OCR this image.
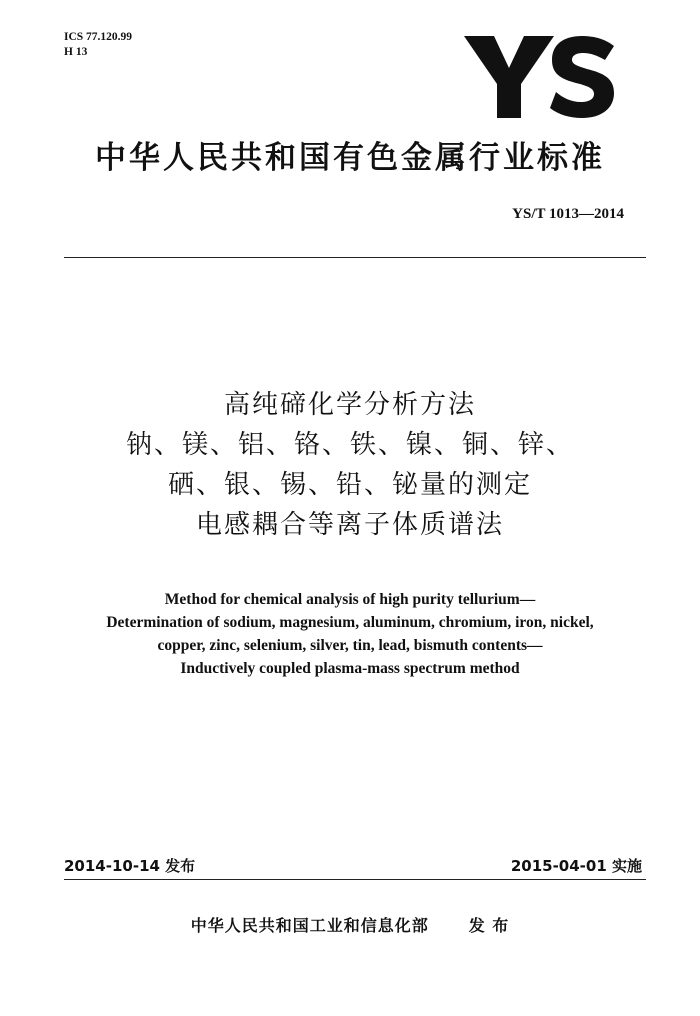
ICS 77.120.99
H 13
中华人民共和国有色金属行业标准
YS/T 1013—2014
高纯碲化学分析方法
钠、镁、铝、铬、铁、镍、铜、锌、
硒、银、锡、铅、铋量的测定
电感耦合等离子体质谱法
Method for chemical analysis of high purity tellurium—
Determination of sodium, magnesium, aluminum, chromium, iron, nickel,
copper, zinc, selenium, silver, tin, lead, bismuth contents—
Inductively coupled plasma-mass spectrum method
2014-10-14 发布	2015-04-01 实施
中华人民共和国工业和信息化部	发 布
